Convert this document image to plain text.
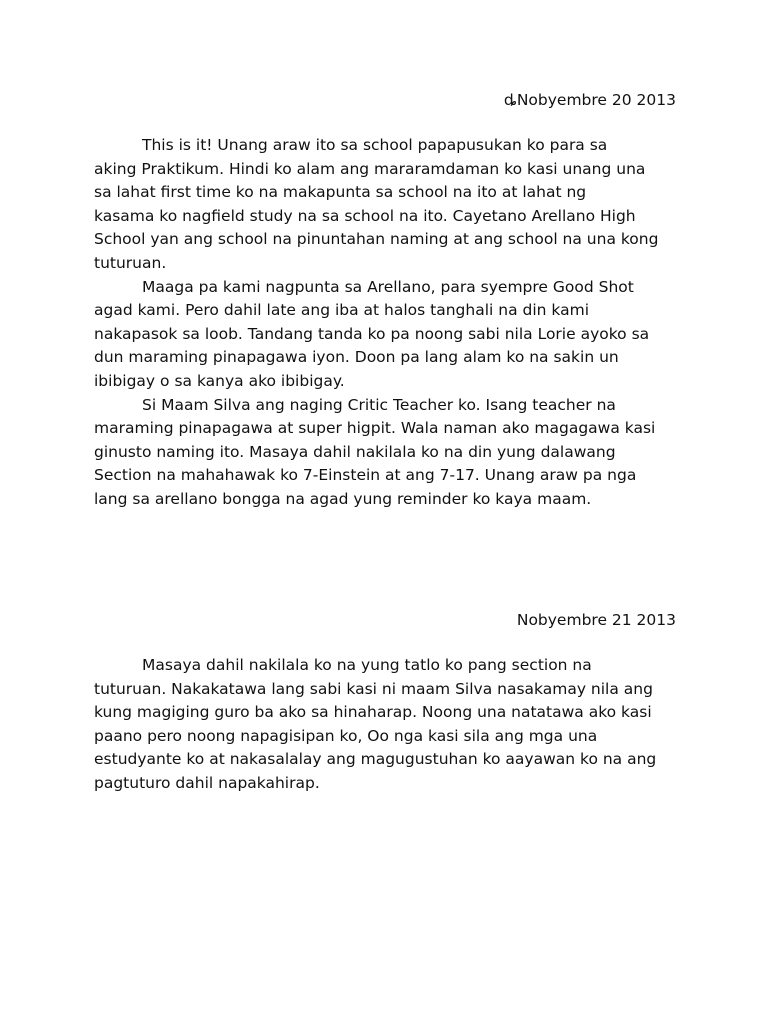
ȡNobyembre 20 2013

This is it! Unang araw ito sa school papapusukan ko para sa
aking Praktikum. Hindi ko alam ang mararamdaman ko kasi unang una
sa lahat first time ko na makapunta sa school na ito at lahat ng
kasama ko nagfield study na sa school na ito. Cayetano Arellano High
School yan ang school na pinuntahan naming at ang school na una kong
tuturuan.

Maaga pa kami nagpunta sa Arellano, para syempre Good Shot
agad kami. Pero dahil late ang iba at halos tanghali na din kami
nakapasok sa loob. Tandang tanda ko pa noong sabi nila Lorie ayoko sa
dun maraming pinapagawa iyon. Doon pa lang alam ko na sakin un
ibibigay o sa kanya ako ibibigay.

Si Maam Silva ang naging Critic Teacher ko. Isang teacher na
maraming pinapagawa at super higpit. Wala naman ako magagawa kasi
ginusto naming ito. Masaya dahil nakilala ko na din yung dalawang
Section na mahahawak ko 7-Einstein at ang 7-17. Unang araw pa nga
lang sa arellano bongga na agad yung reminder ko kaya maam.

Nobyembre 21 2013

Masaya dahil nakilala ko na yung tatlo ko pang section na
tuturuan. Nakakatawa lang sabi kasi ni maam Silva nasakamay nila ang
kung magiging guro ba ako sa hinaharap. Noong una natatawa ako kasi
paano pero noong napagisipan ko, Oo nga kasi sila ang mga una
estudyante ko at nakasalalay ang magugustuhan ko aayawan ko na ang
pagtuturo dahil napakahirap.
